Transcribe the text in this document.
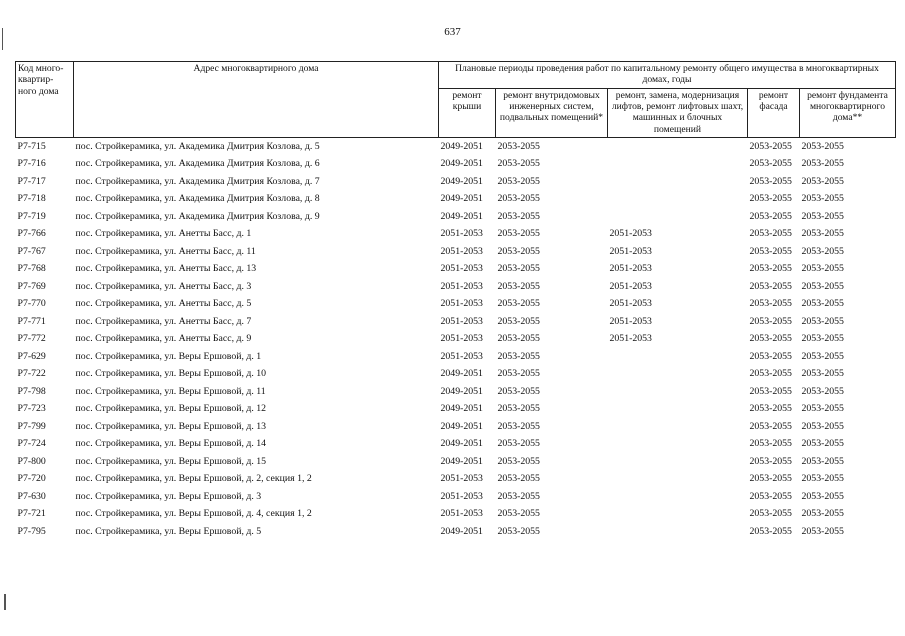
637
Код много-квартир-ного дома	Адрес многоквартирного дома	Плановые периоды проведения работ по капитальному ремонту общего имущества в многоквартирных домах, годы				
		ремонт крыши	ремонт внутридомовых инженерных систем, подвальных помещений*	ремонт, замена, модернизация лифтов, ремонт лифтовых шахт, машинных и блочных помещений	ремонт фасада	ремонт фундамента многоквартирного дома**
Р7-715	пос. Стройкерамика, ул. Академика Дмитрия Козлова, д. 5	2049-2051	2053-2055		2053-2055	2053-2055
Р7-716	пос. Стройкерамика, ул. Академика Дмитрия Козлова, д. 6	2049-2051	2053-2055		2053-2055	2053-2055
Р7-717	пос. Стройкерамика, ул. Академика Дмитрия Козлова, д. 7	2049-2051	2053-2055		2053-2055	2053-2055
Р7-718	пос. Стройкерамика, ул. Академика Дмитрия Козлова, д. 8	2049-2051	2053-2055		2053-2055	2053-2055
Р7-719	пос. Стройкерамика, ул. Академика Дмитрия Козлова, д. 9	2049-2051	2053-2055		2053-2055	2053-2055
Р7-766	пос. Стройкерамика, ул. Анетты Басс, д. 1	2051-2053	2053-2055	2051-2053	2053-2055	2053-2055
Р7-767	пос. Стройкерамика, ул. Анетты Басс, д. 11	2051-2053	2053-2055	2051-2053	2053-2055	2053-2055
Р7-768	пос. Стройкерамика, ул. Анетты Басс, д. 13	2051-2053	2053-2055	2051-2053	2053-2055	2053-2055
Р7-769	пос. Стройкерамика, ул. Анетты Басс, д. 3	2051-2053	2053-2055	2051-2053	2053-2055	2053-2055
Р7-770	пос. Стройкерамика, ул. Анетты Басс, д. 5	2051-2053	2053-2055	2051-2053	2053-2055	2053-2055
Р7-771	пос. Стройкерамика, ул. Анетты Басс, д. 7	2051-2053	2053-2055	2051-2053	2053-2055	2053-2055
Р7-772	пос. Стройкерамика, ул. Анетты Басс, д. 9	2051-2053	2053-2055	2051-2053	2053-2055	2053-2055
Р7-629	пос. Стройкерамика, ул. Веры Ершовой, д. 1	2051-2053	2053-2055		2053-2055	2053-2055
Р7-722	пос. Стройкерамика, ул. Веры Ершовой, д. 10	2049-2051	2053-2055		2053-2055	2053-2055
Р7-798	пос. Стройкерамика, ул. Веры Ершовой, д. 11	2049-2051	2053-2055		2053-2055	2053-2055
Р7-723	пос. Стройкерамика, ул. Веры Ершовой, д. 12	2049-2051	2053-2055		2053-2055	2053-2055
Р7-799	пос. Стройкерамика, ул. Веры Ершовой, д. 13	2049-2051	2053-2055		2053-2055	2053-2055
Р7-724	пос. Стройкерамика, ул. Веры Ершовой, д. 14	2049-2051	2053-2055		2053-2055	2053-2055
Р7-800	пос. Стройкерамика, ул. Веры Ершовой, д. 15	2049-2051	2053-2055		2053-2055	2053-2055
Р7-720	пос. Стройкерамика, ул. Веры Ершовой, д. 2, секция 1, 2	2051-2053	2053-2055		2053-2055	2053-2055
Р7-630	пос. Стройкерамика, ул. Веры Ершовой, д. 3	2051-2053	2053-2055		2053-2055	2053-2055
Р7-721	пос. Стройкерамика, ул. Веры Ершовой, д. 4, секция 1, 2	2051-2053	2053-2055		2053-2055	2053-2055
Р7-795	пос. Стройкерамика, ул. Веры Ершовой, д. 5	2049-2051	2053-2055		2053-2055	2053-2055
